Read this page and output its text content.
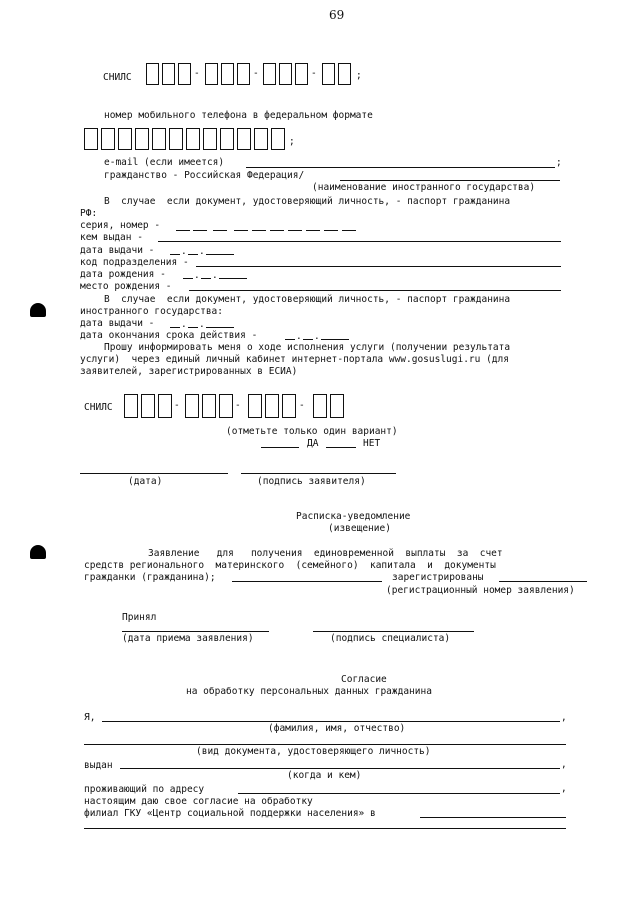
69
СНИЛС	-	-	-	;
номер мобильного телефона в федеральном формате
;
e-mail (если имеется)	;
гражданство - Российская Федерация/
(наименование иностранного государства)
В  случае  если документ, удостоверяющий личность, - паспорт гражданина
РФ:
серия, номер -
кем выдан -
дата выдачи -	. .
код подразделения -
дата рождения -	. .
место рождения -
В  случае  если документ, удостоверяющий личность, - паспорт гражданина
иностранного государства:
дата выдачи -	. .
дата окончания срока действия -	. .
Прошу информировать меня о ходе исполнения услуги (получении результата
услуги)  через единый личный кабинет интернет-портала www.gosuslugi.ru (для
заявителей, зарегистрированных в ЕСИА)
СНИЛС	-	-	-
(отметьте только один вариант)
ДА	НЕТ
(дата)	(подпись заявителя)
Расписка-уведомление
(извещение)
Заявление   для   получения  единовременной  выплаты  за  счет
средств регионального  материнского  (семейного)  капитала  и  документы
гражданки (гражданина);	зарегистрированы
(регистрационный номер заявления)
Принял
(дата приема заявления)	(подпись специалиста)
Согласие
на обработку персональных данных гражданина
Я,	,
(фамилия, имя, отчество)
(вид документа, удостоверяющего личность)
выдан	,
(когда и кем)
проживающий по адресу	,
настоящим даю свое согласие на обработку
филиал ГКУ «Центр социальной поддержки населения» в
